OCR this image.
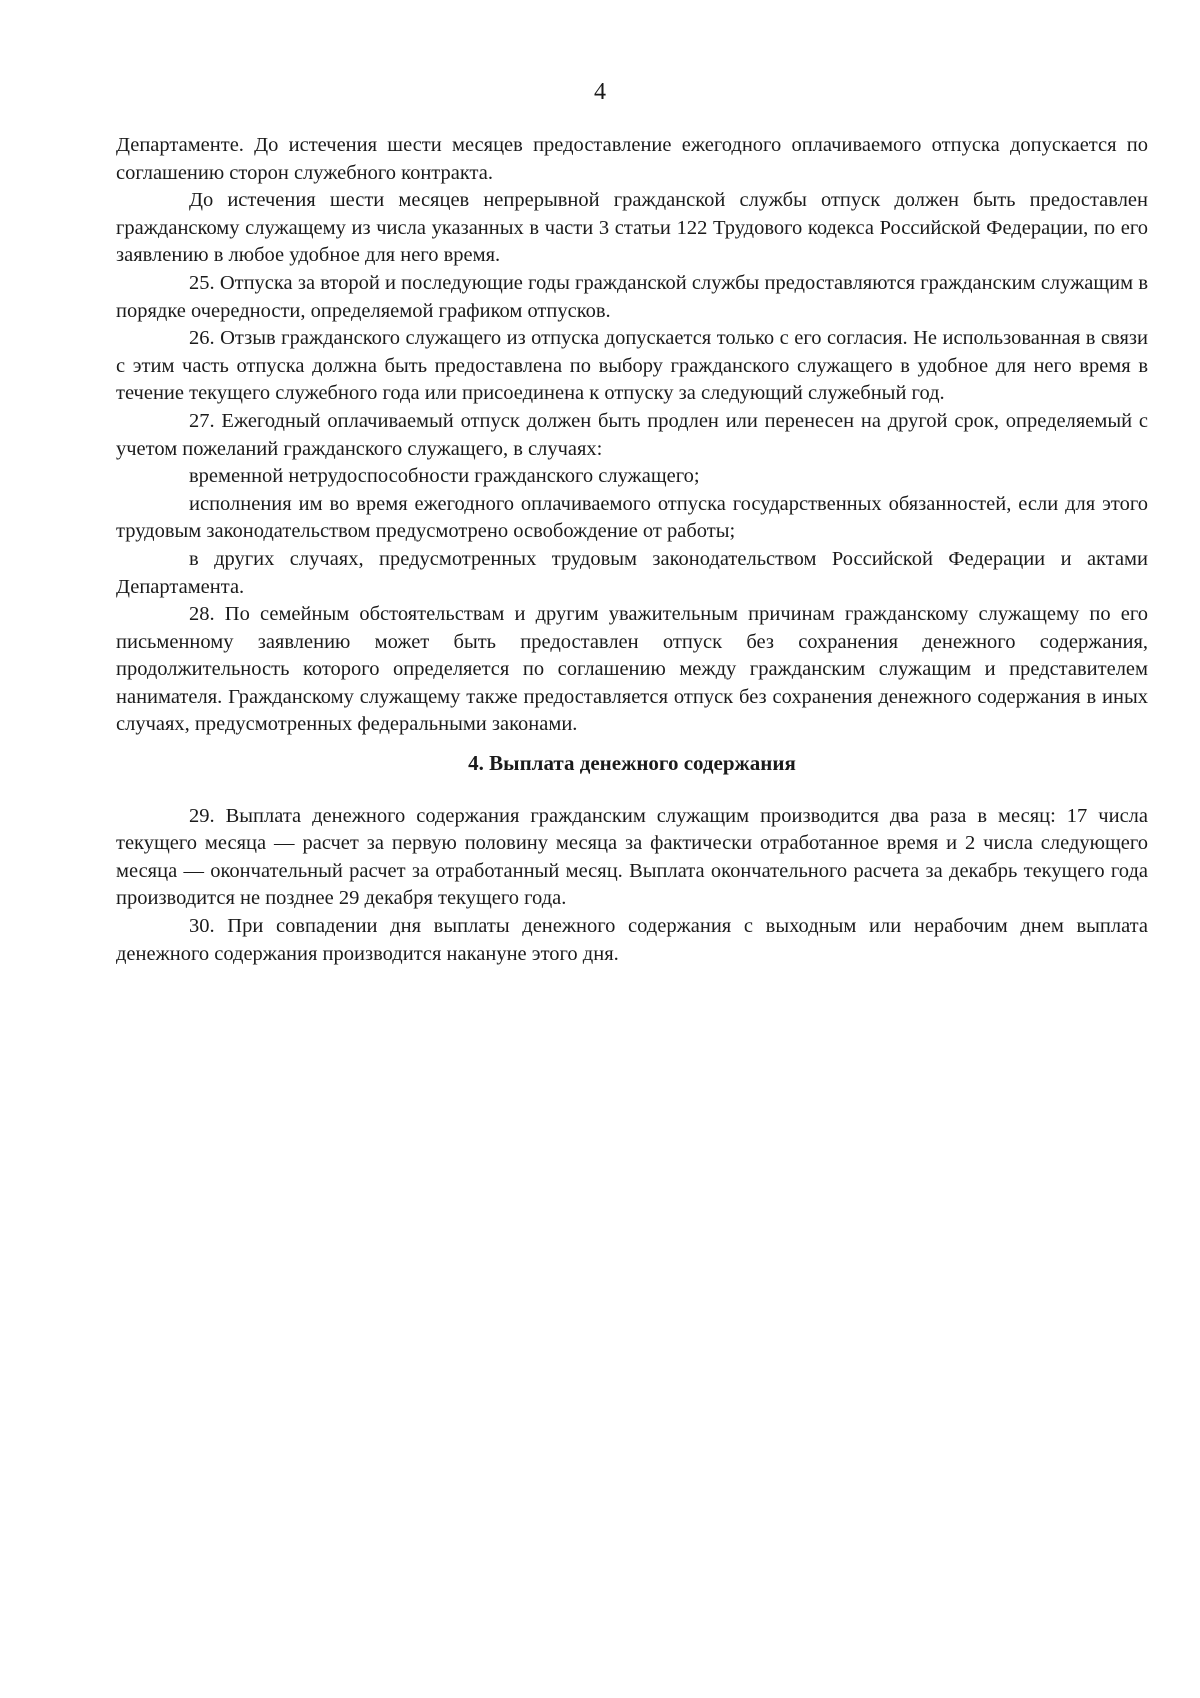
4

Департаменте. До истечения шести месяцев предоставление ежегодного оплачиваемого отпуска допускается по соглашению сторон служебного контракта.

До истечения шести месяцев непрерывной гражданской службы отпуск должен быть предоставлен гражданскому служащему из числа указанных в части 3 статьи 122 Трудового кодекса Российской Федерации, по его заявлению в любое удобное для него время.

25. Отпуска за второй и последующие годы гражданской службы предоставляются гражданским служащим в порядке очередности, определяемой графиком отпусков.

26. Отзыв гражданского служащего из отпуска допускается только с его согласия. Не использованная в связи с этим часть отпуска должна быть предоставлена по выбору гражданского служащего в удобное для него время в течение текущего служебного года или присоединена к отпуску за следующий служебный год.

27. Ежегодный оплачиваемый отпуск должен быть продлен или перенесен на другой срок, определяемый с учетом пожеланий гражданского служащего, в случаях:

временной нетрудоспособности гражданского служащего;

исполнения им во время ежегодного оплачиваемого отпуска государственных обязанностей, если для этого трудовым законодательством предусмотрено освобождение от работы;

в других случаях, предусмотренных трудовым законодательством Российской Федерации и актами Департамента.

28. По семейным обстоятельствам и другим уважительным причинам гражданскому служащему по его письменному заявлению может быть предоставлен отпуск без сохранения денежного содержания, продолжительность которого определяется по соглашению между гражданским служащим и представителем нанимателя. Гражданскому служащему также предоставляется отпуск без сохранения денежного содержания в иных случаях, предусмотренных федеральными законами.

4. Выплата денежного содержания

29. Выплата денежного содержания гражданским служащим производится два раза в месяц: 17 числа текущего месяца — расчет за первую половину месяца за фактически отработанное время и 2 числа следующего месяца — окончательный расчет за отработанный месяц. Выплата окончательного расчета за декабрь текущего года производится не позднее 29 декабря текущего года.

30. При совпадении дня выплаты денежного содержания с выходным или нерабочим днем выплата денежного содержания производится накануне этого дня.
